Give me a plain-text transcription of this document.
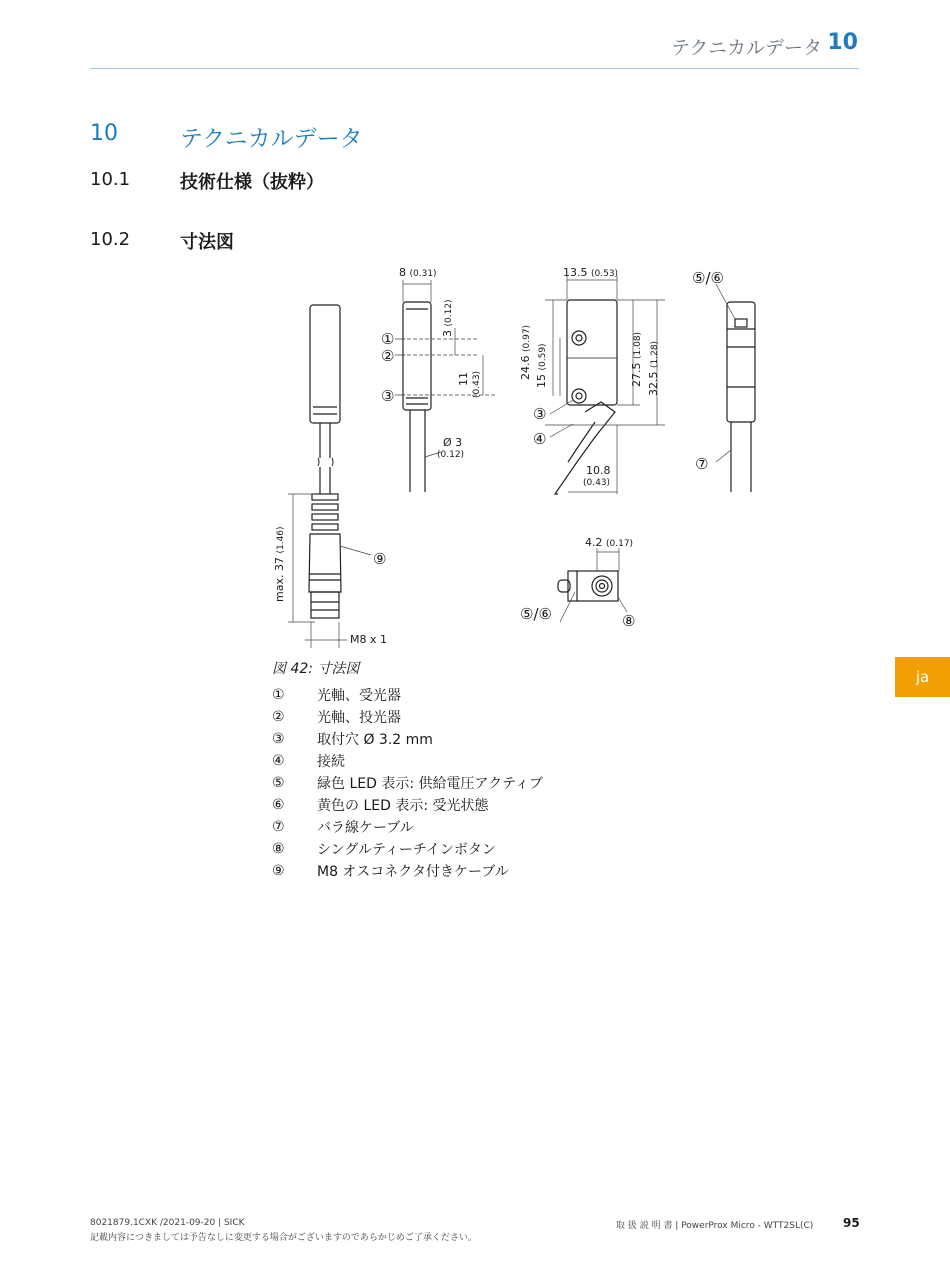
テクニカルデータ 10
10	テクニカルデータ
10.1	技術仕様（抜粋）
10.2	寸法図
ja
8 (0.31)	13.5 (0.53)
3 (0.12)
11 (0.43)
24.6 (0.97)
15 (0.59)
27.5 (1.08)
32.5 (1.28)
Ø 3
(0.12)
10.8
(0.43)
4.2 (0.17)
max. 37 (1.46)
M8 x 1
①
②
③
③
④
⑤/⑥
⑦
⑨
⑤/⑥	⑧
図 42: 寸法図
①	光軸、受光器
②	光軸、投光器
③	取付穴 Ø 3.2 mm
④	接続
⑤	緑色 LED 表示: 供給電圧アクティブ
⑥	黄色の LED 表示: 受光状態
⑦	バラ線ケーブル
⑧	シングルティーチインボタン
⑨	M8 オスコネクタ付きケーブル
8021879.1CXK /2021-09-20 | SICK
記載内容につきましては予告なしに変更する場合がございますのであらかじめご了承ください。
取 扱 説 明 書 | PowerProx Micro - WTT2SL(C) 95
